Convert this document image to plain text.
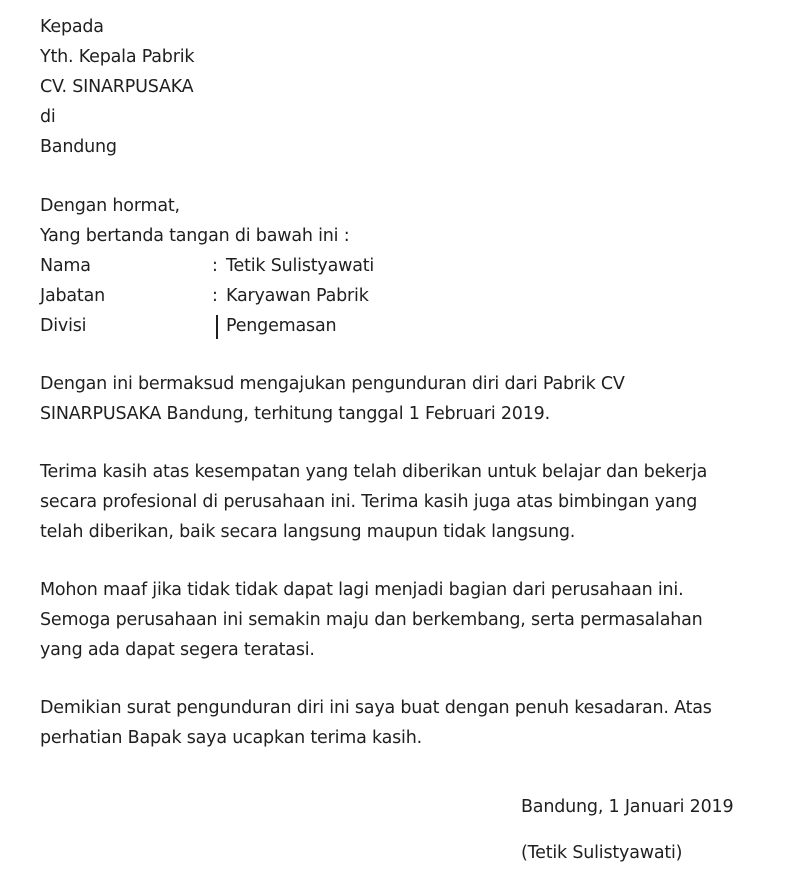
Kepada
Yth. Kepala Pabrik
CV. SINARPUSAKA
di
Bandung
Dengan hormat,
Yang bertanda tangan di bawah ini :
Nama	: Tetik Sulistyawati
Jabatan	: Karyawan Pabrik
Divisi	Pengemasan
Dengan ini bermaksud mengajukan pengunduran diri dari Pabrik CV
SINARPUSAKA Bandung, terhitung tanggal 1 Februari 2019.
Terima kasih atas kesempatan yang telah diberikan untuk belajar dan bekerja
secara profesional di perusahaan ini. Terima kasih juga atas bimbingan yang
telah diberikan, baik secara langsung maupun tidak langsung.
Mohon maaf jika tidak tidak dapat lagi menjadi bagian dari perusahaan ini.
Semoga perusahaan ini semakin maju dan berkembang, serta permasalahan
yang ada dapat segera teratasi.
Demikian surat pengunduran diri ini saya buat dengan penuh kesadaran. Atas
perhatian Bapak saya ucapkan terima kasih.
Bandung, 1 Januari 2019
(Tetik Sulistyawati)
